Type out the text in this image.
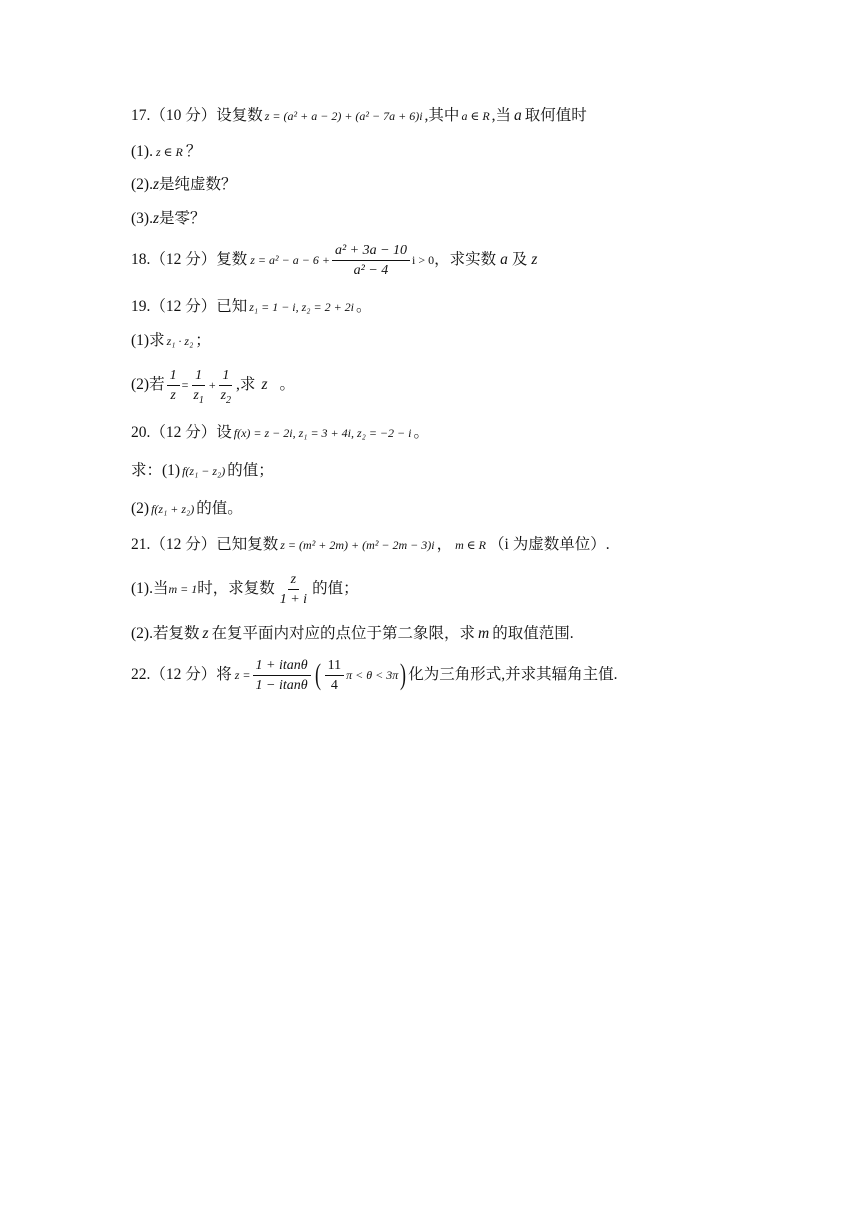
17.（10 分）设复数 z = (a² + a − 2) + (a² − 7a + 6)i ,其中 a ∈ R ,当 a 取何值时
(1). z ∈ R ？
(2). z 是纯虚数？
(3). z 是零？
18.（12 分）复数 $z = a^2 - a - 6 + \frac{\text{a² + 3a − 10}}{\text{a² − 4}}$ i > 0 ，求实数 a 及 z
19.（12 分）已知 z₁ = 1 − i, z₂ = 2 + 2i 。
(1)求 z₁ · z₂ ；
(2)若 $\frac{1}{z} = \frac{1}{z_1} + \frac{1}{z_2}$ ,求 z 。
20.（12 分）设 f(x) = z − 2i, z₁ = 3 + 4i, z₂ = −2 − i 。
求：(1) f(z₁ − z₂) 的值；
(2) f(z₁ + z₂) 的值。
21.（12 分）已知复数 z = (m² + 2m) + (m² − 2m − 3)i ， m ∈ R （i 为虚数单位）.
(1).当 m = 1 时，求复数 $\frac{z}{1 + i}$ 的值；
(2).若复数 z 在复平面内对应的点位于第二象限，求 m 的取值范围.
22.（12 分）将 $z = \frac{1 + itan\theta}{1 - itan\theta}$ ( $\frac{11}{4}$ π < θ < 3π ) 化为三角形式,并求其辐角主值.
